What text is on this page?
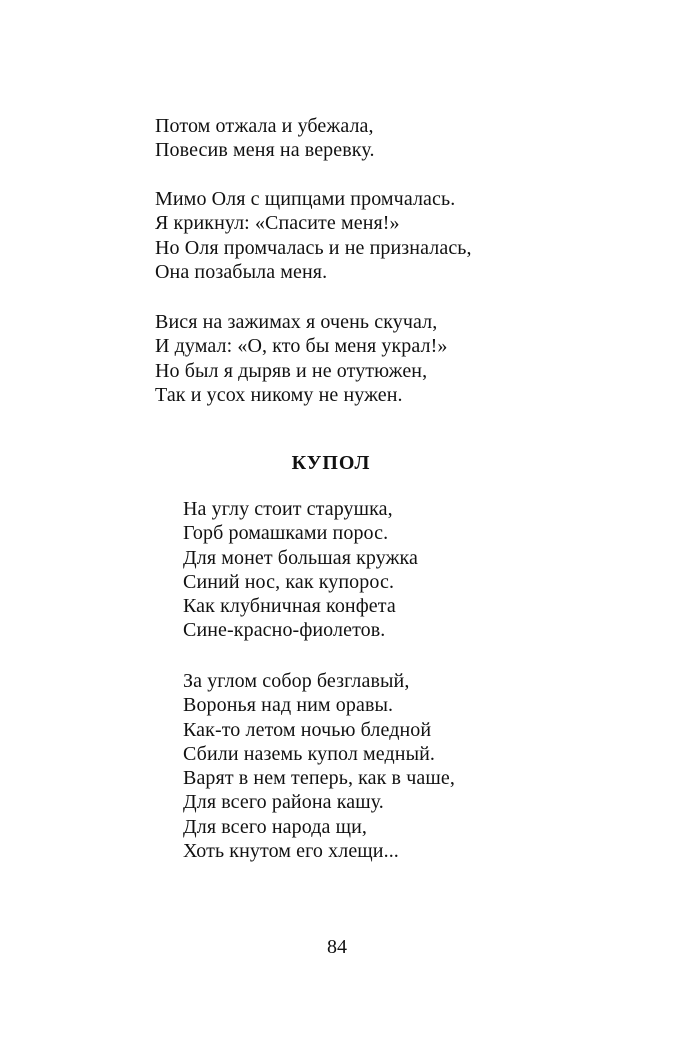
Потом отжала и убежала,
Повесив меня на веревку.
Мимо Оля с щипцами промчалась.
Я крикнул: «Спасите меня!»
Но Оля промчалась и не призналась,
Она позабыла меня.
Вися на зажимах я очень скучал,
И думал: «О, кто бы меня украл!»
Но был я дыряв и не отутюжен,
Так и усох никому не нужен.
КУПОЛ
На углу стоит старушка,
Горб ромашками порос.
Для монет большая кружка
Синий нос, как купорос.
Как клубничная конфета
Сине-красно-фиолетов.
За углом собор безглавый,
Воронья над ним оравы.
Как-то летом ночью бледной
Сбили наземь купол медный.
Варят в нем теперь, как в чаше,
Для всего района кашу.
Для всего народа щи,
Хоть кнутом его хлещи...
84
